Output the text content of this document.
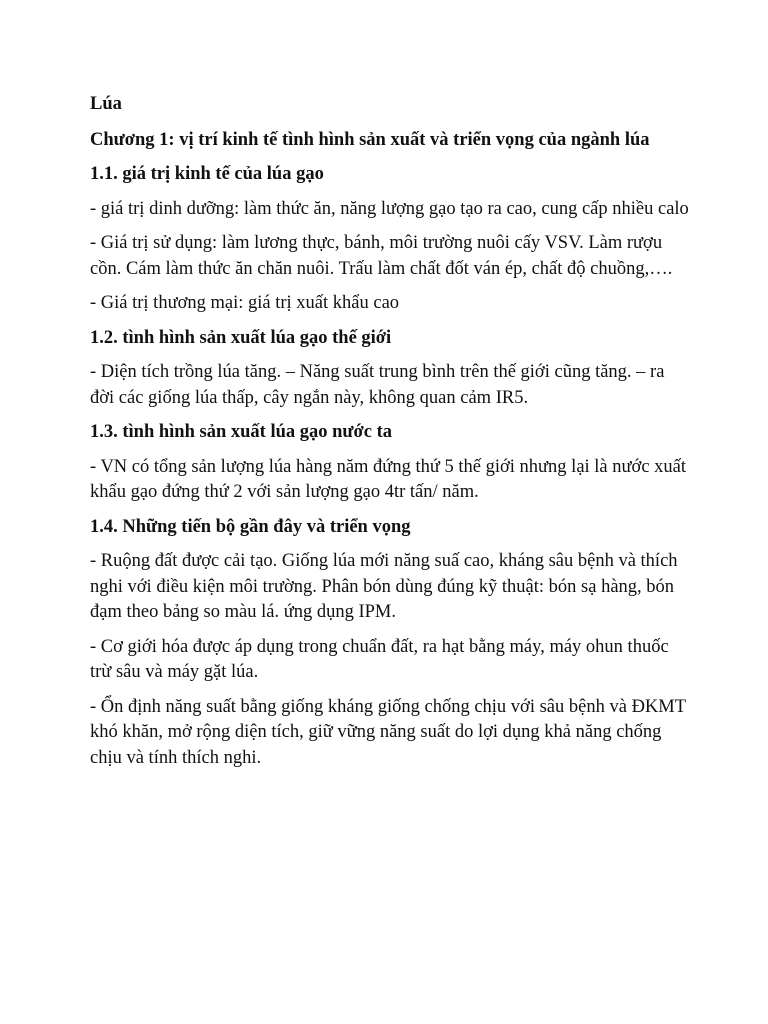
Lúa
Chương 1: vị trí kinh tế tình hình sản xuất và triển vọng của ngành lúa
1.1. giá trị kinh tế của lúa gạo
- giá trị dinh dưỡng: làm thức ăn, năng lượng gạo tạo ra cao, cung cấp nhiều calo
- Giá trị sử dụng: làm lương thực, bánh, môi trường nuôi cấy VSV. Làm rượu cồn. Cám làm thức ăn chăn nuôi. Trấu làm chất đốt ván ép, chất độ chuồng,….
- Giá trị thương mại: giá trị xuất khẩu cao
1.2. tình hình sản xuất lúa gạo thế giới
- Diện tích trồng lúa tăng. – Năng suất trung bình trên thế giới cũng tăng. – ra đời các giống lúa thấp, cây ngắn này, không quan cảm IR5.
1.3. tình hình sản xuất lúa gạo nước ta
- VN có tổng sản lượng lúa hàng năm đứng thứ 5 thế giới nhưng lại là nước xuất khẩu gạo đứng thứ 2 với sản lượng gạo 4tr tấn/ năm.
1.4. Những tiến bộ gần đây và triển vọng
- Ruộng đất được cải tạo. Giống lúa mới năng suấ cao, kháng sâu bệnh và thích nghi với điều kiện môi trường. Phân bón dùng đúng kỹ thuật: bón sạ hàng, bón đạm theo bảng so màu lá. ứng dụng IPM.
- Cơ giới hóa được áp dụng trong chuẩn đất, ra hạt bằng máy, máy ohun thuốc trừ sâu và máy gặt lúa.
- Ổn định năng suất bằng giống kháng giống chống chịu với sâu bệnh và ĐKMT khó khăn, mở rộng diện tích, giữ vững năng suất do lợi dụng khả năng chống chịu và tính thích nghi.
